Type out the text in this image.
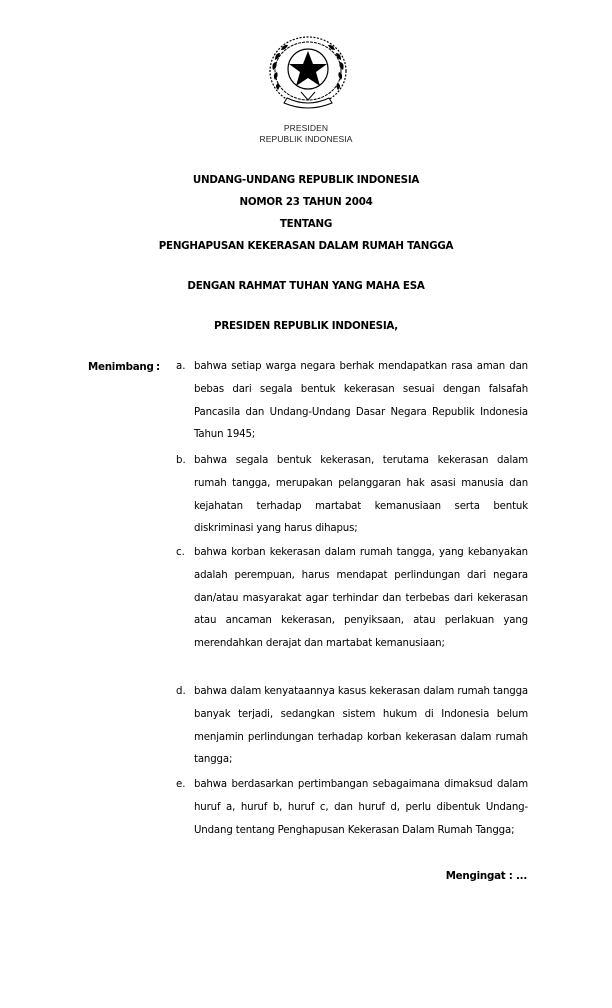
PRESIDEN
REPUBLIK INDONESIA
UNDANG-UNDANG REPUBLIK INDONESIA
NOMOR 23 TAHUN 2004
TENTANG
PENGHAPUSAN KEKERASAN DALAM RUMAH TANGGA
DENGAN RAHMAT TUHAN YANG MAHA ESA
PRESIDEN REPUBLIK INDONESIA,
Menimbang : a. bahwa setiap warga negara berhak mendapatkan rasa aman dan bebas dari segala bentuk kekerasan sesuai dengan falsafah Pancasila dan Undang-Undang Dasar Negara Republik Indonesia Tahun 1945;
b. bahwa segala bentuk kekerasan, terutama kekerasan dalam rumah tangga, merupakan pelanggaran hak asasi manusia dan kejahatan terhadap martabat kemanusiaan serta bentuk diskriminasi yang harus dihapus;
c. bahwa korban kekerasan dalam rumah tangga, yang kebanyakan adalah perempuan, harus mendapat perlindungan dari negara dan/atau masyarakat agar terhindar dan terbebas dari kekerasan atau ancaman kekerasan, penyiksaan, atau perlakuan yang merendahkan derajat dan martabat kemanusiaan;
d. bahwa dalam kenyataannya kasus kekerasan dalam rumah tangga banyak terjadi, sedangkan sistem hukum di Indonesia belum menjamin perlindungan terhadap korban kekerasan dalam rumah tangga;
e. bahwa berdasarkan pertimbangan sebagaimana dimaksud dalam huruf a, huruf b, huruf c, dan huruf d, perlu dibentuk Undang-Undang tentang Penghapusan Kekerasan Dalam Rumah Tangga;
Mengingat : ...
